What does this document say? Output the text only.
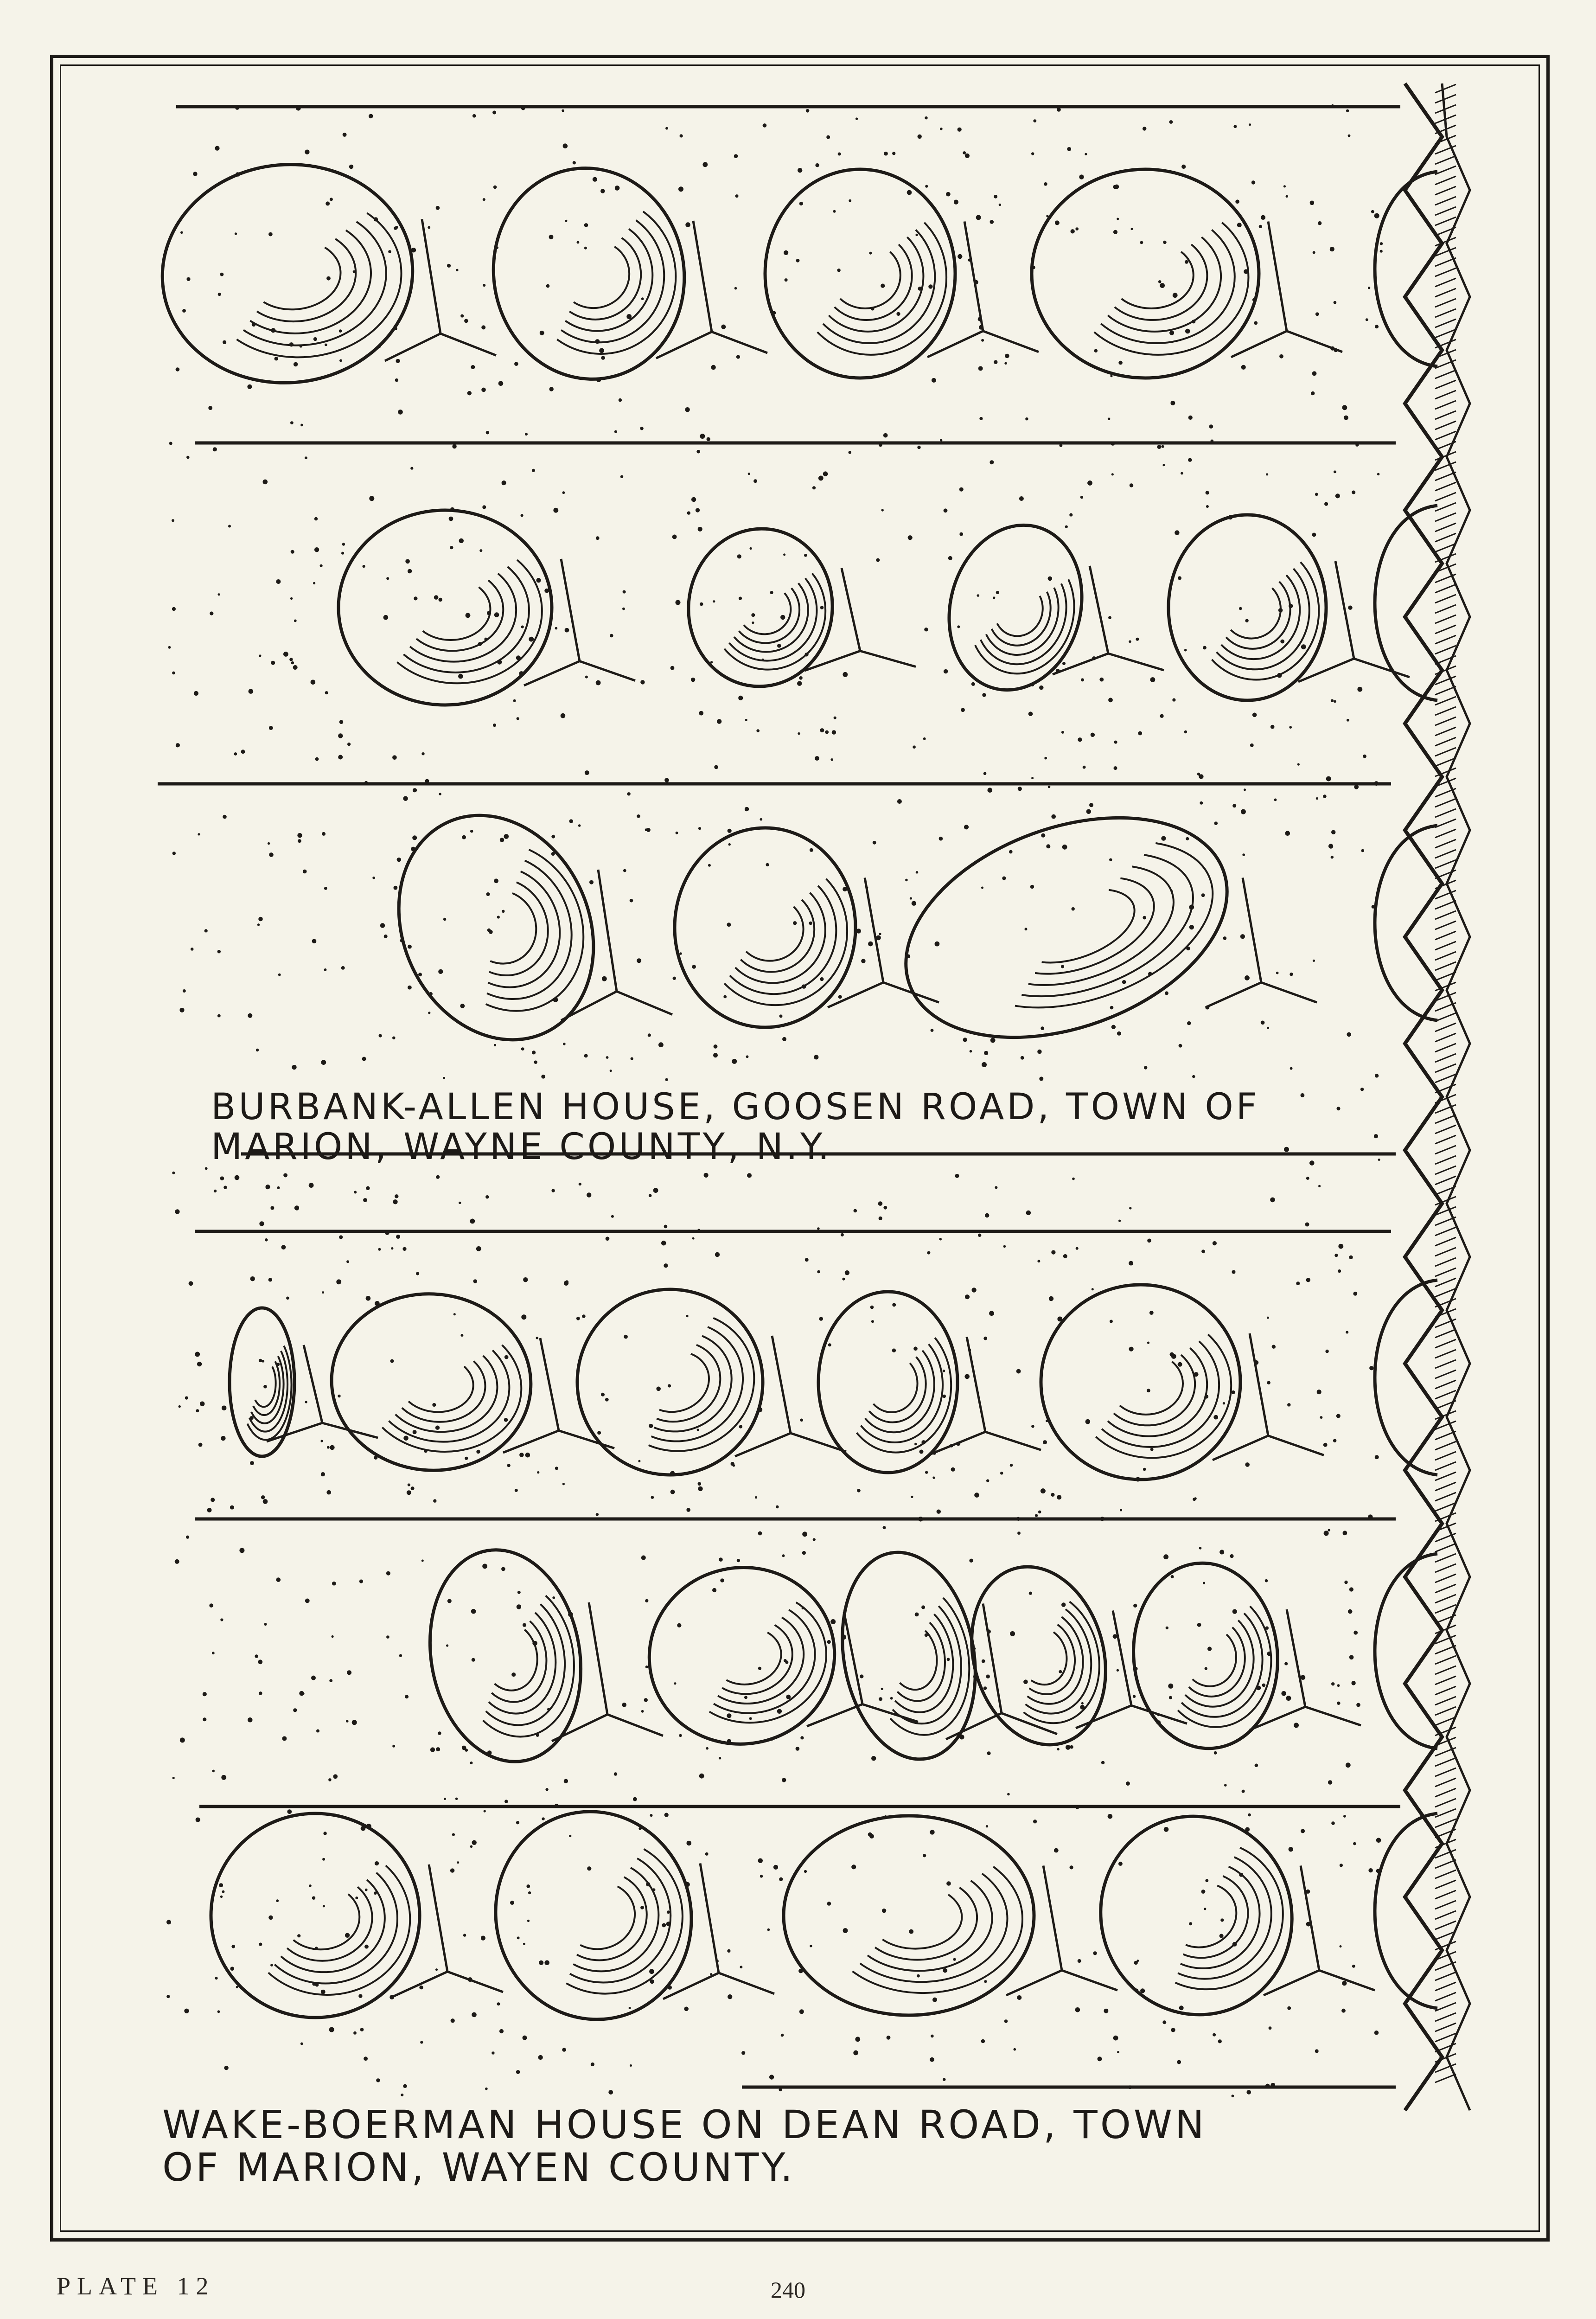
BURBANK-ALLEN HOUSE, GOOSEN ROAD, TOWN OF
MARION, WAYNE COUNTY, N.Y.
WAKE-BOERMAN HOUSE ON DEAN ROAD, TOWN
OF MARION, WAYEN COUNTY.
PLATE 12	240
